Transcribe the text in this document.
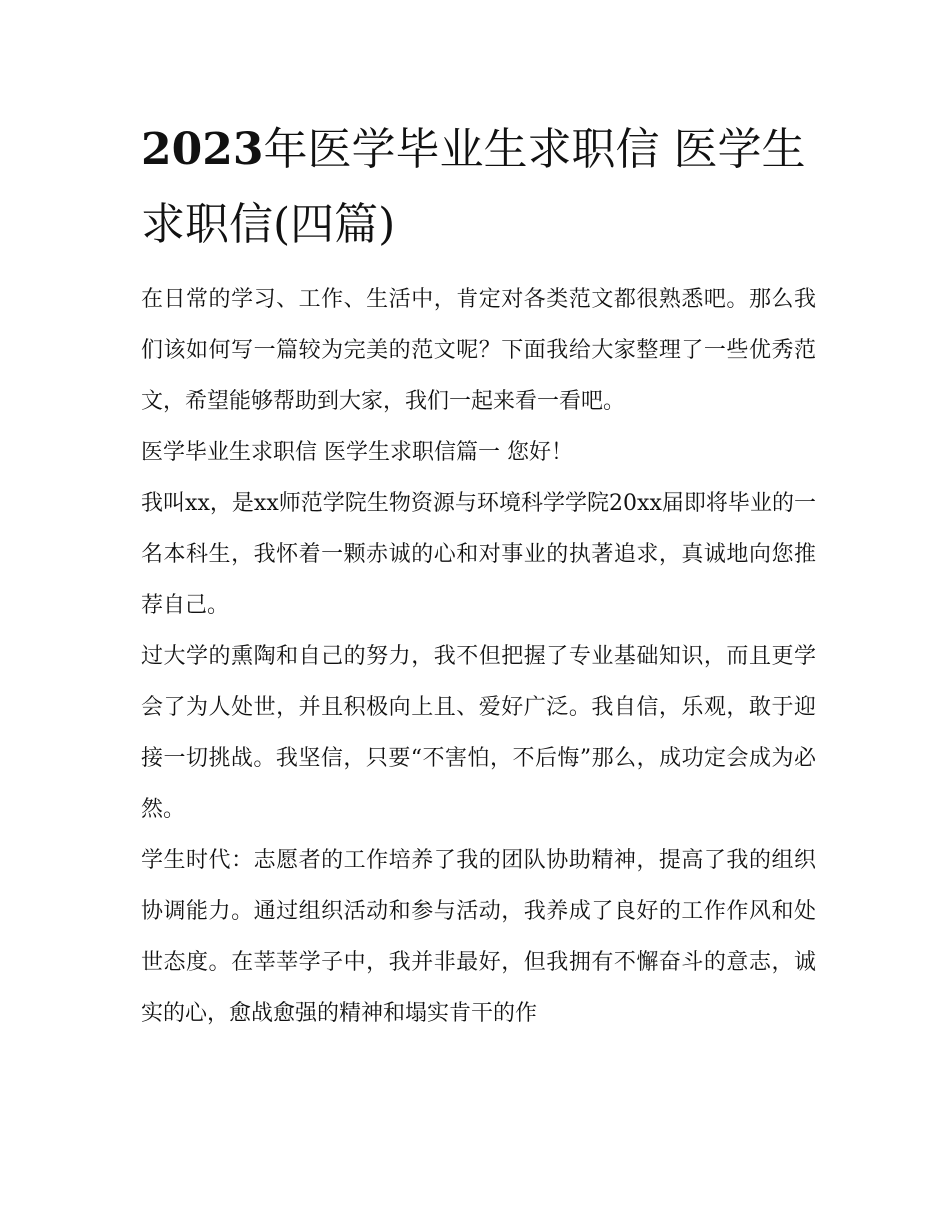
2023年医学毕业生求职信 医学生求职信(四篇)

在日常的学习、工作、生活中，肯定对各类范文都很熟悉吧。那么我们该如何写一篇较为完美的范文呢？下面我给大家整理了一些优秀范文，希望能够帮助到大家，我们一起来看一看吧。

医学毕业生求职信 医学生求职信篇一 您好！

我叫xx，是xx师范学院生物资源与环境科学学院20xx届即将毕业的一名本科生，我怀着一颗赤诚的心和对事业的执著追求，真诚地向您推荐自己。

过大学的熏陶和自己的努力，我不但把握了专业基础知识，而且更学会了为人处世，并且积极向上且、爱好广泛。我自信，乐观，敢于迎接一切挑战。我坚信，只要“不害怕，不后悔”那么，成功定会成为必然。

学生时代：志愿者的工作培养了我的团队协助精神，提高了我的组织协调能力。通过组织活动和参与活动，我养成了良好的工作作风和处世态度。在莘莘学子中，我并非最好，但我拥有不懈奋斗的意志，诚实的心，愈战愈强的精神和塌实肯干的作
